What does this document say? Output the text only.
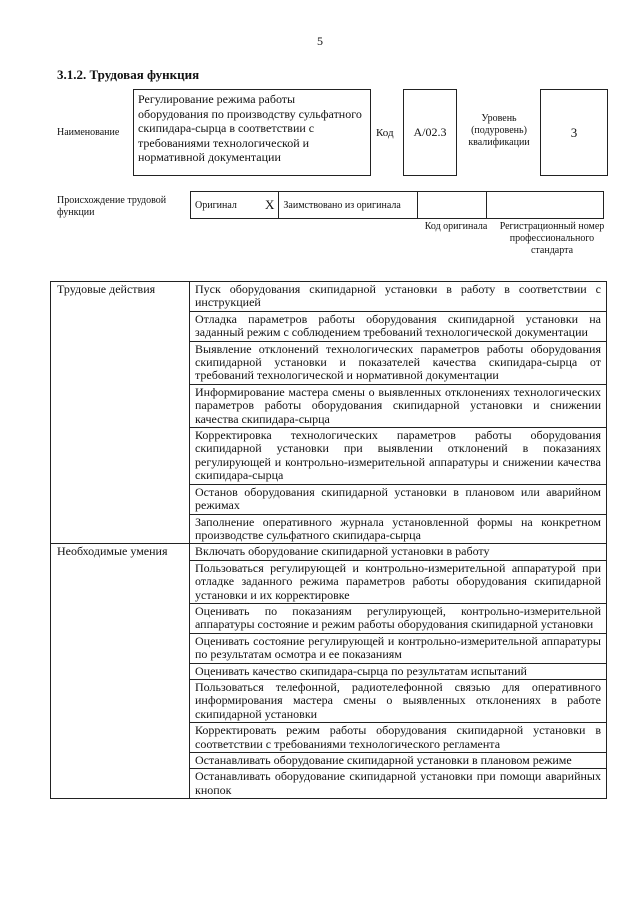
5
3.1.2. Трудовая функция
Наименование
Регулирование режима работы оборудования по производству сульфатного скипидара-сырца в соответствии с требованиями технологической и нормативной документации
Код	А/02.3
Уровень (подуровень) квалификации
3
Происхождение трудовой функции
Оригинал	X	Заимствовано из оригинала		
Код оригинала	Регистрационный номер профессионального стандарта
Трудовые действия	Пуск оборудования скипидарной установки в работу в соответствии с инструкцией
	Отладка параметров работы оборудования скипидарной установки на заданный режим с соблюдением требований технологической документации
	Выявление отклонений технологических параметров работы оборудования скипидарной установки и показателей качества скипидара-сырца от требований технологической и нормативной документации
	Информирование мастера смены о выявленных отклонениях технологических параметров работы оборудования скипидарной установки и снижении качества скипидара-сырца
	Корректировка технологических параметров работы оборудования скипидарной установки при выявлении отклонений в показаниях регулирующей и контрольно-измерительной аппаратуры и снижении качества скипидара-сырца
	Останов оборудования скипидарной установки в плановом или аварийном режимах
	Заполнение оперативного журнала установленной формы на конкретном производстве сульфатного скипидара-сырца
Необходимые умения	Включать оборудование скипидарной установки в работу
	Пользоваться регулирующей и контрольно-измерительной аппаратурой при отладке заданного режима параметров работы оборудования скипидарной установки и их корректировке
	Оценивать по показаниям регулирующей, контрольно-измерительной аппаратуры состояние и режим работы оборудования скипидарной установки
	Оценивать состояние регулирующей и контрольно-измерительной аппаратуры по результатам осмотра и ее показаниям
	Оценивать качество скипидара-сырца по результатам испытаний
	Пользоваться телефонной, радиотелефонной связью для оперативного информирования мастера смены о выявленных отклонениях в работе скипидарной установки
	Корректировать режим работы оборудования скипидарной установки в соответствии с требованиями технологического регламента
	Останавливать оборудование скипидарной установки в плановом режиме
	Останавливать оборудование скипидарной установки при помощи аварийных кнопок
